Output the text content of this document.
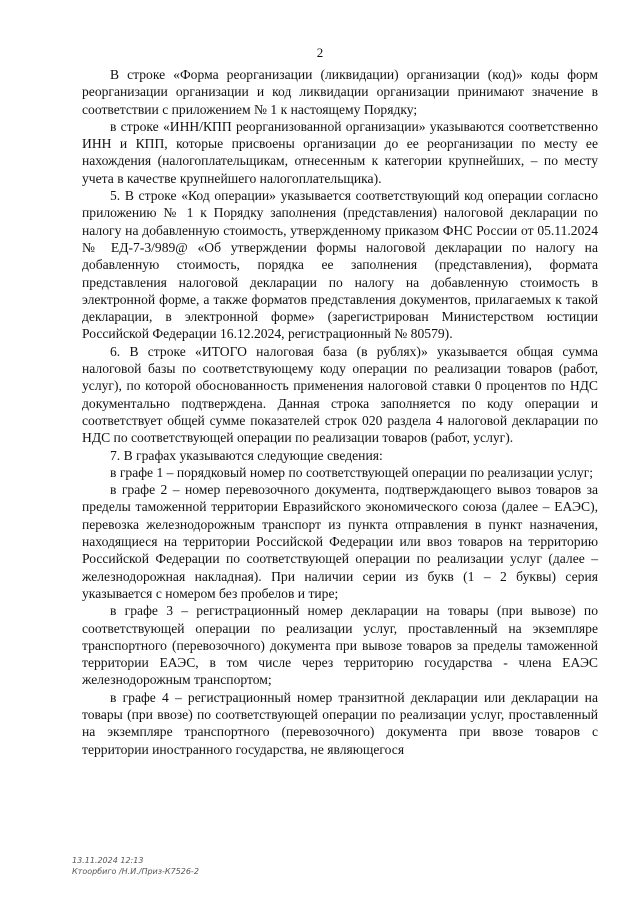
2

В строке «Форма реорганизации (ликвидации) организации (код)» коды форм реорганизации организации и код ликвидации организации принимают значение в соответствии с приложением № 1 к настоящему Порядку;

в строке «ИНН/КПП реорганизованной организации» указываются соответственно ИНН и КПП, которые присвоены организации до ее реорганизации по месту ее нахождения (налогоплательщикам, отнесенным к категории крупнейших, – по месту учета в качестве крупнейшего налогоплательщика).

5. В строке «Код операции» указывается соответствующий код операции согласно приложению № 1 к Порядку заполнения (представления) налоговой декларации по налогу на добавленную стоимость, утвержденному приказом ФНС России от 05.11.2024 № ЕД-7-3/989@ «Об утверждении формы налоговой декларации по налогу на добавленную стоимость, порядка ее заполнения (представления), формата представления налоговой декларации по налогу на добавленную стоимость в электронной форме, а также форматов представления документов, прилагаемых к такой декларации, в электронной форме» (зарегистрирован Министерством юстиции Российской Федерации 16.12.2024, регистрационный № 80579).

6. В строке «ИТОГО налоговая база (в рублях)» указывается общая сумма налоговой базы по соответствующему коду операции по реализации товаров (работ, услуг), по которой обоснованность применения налоговой ставки 0 процентов по НДС документально подтверждена. Данная строка заполняется по коду операции и соответствует общей сумме показателей строк 020 раздела 4 налоговой декларации по НДС по соответствующей операции по реализации товаров (работ, услуг).

7. В графах указываются следующие сведения:

в графе 1 – порядковый номер по соответствующей операции по реализации услуг;

в графе 2 – номер перевозочного документа, подтверждающего вывоз товаров за пределы таможенной территории Евразийского экономического союза (далее – ЕАЭС), перевозка железнодорожным транспорт из пункта отправления в пункт назначения, находящиеся на территории Российской Федерации или ввоз товаров на территорию Российской Федерации по соответствующей операции по реализации услуг (далее – железнодорожная накладная). При наличии серии из букв (1 – 2 буквы) серия указывается с номером без пробелов и тире;

в графе 3 – регистрационный номер декларации на товары (при вывозе) по соответствующей операции по реализации услуг, проставленный на экземпляре транспортного (перевозочного) документа при вывозе товаров за пределы таможенной территории ЕАЭС, в том числе через территорию государства - члена ЕАЭС железнодорожным транспортом;

в графе 4 – регистрационный номер транзитной декларации или декларации на товары (при ввозе) по соответствующей операции по реализации услуг, проставленный на экземпляре транспортного (перевозочного) документа при ввозе товаров с территории иностранного государства, не являющегося

13.11.2024 12:13
Ктоорбиго /Н.И./Приз-К7526-2
